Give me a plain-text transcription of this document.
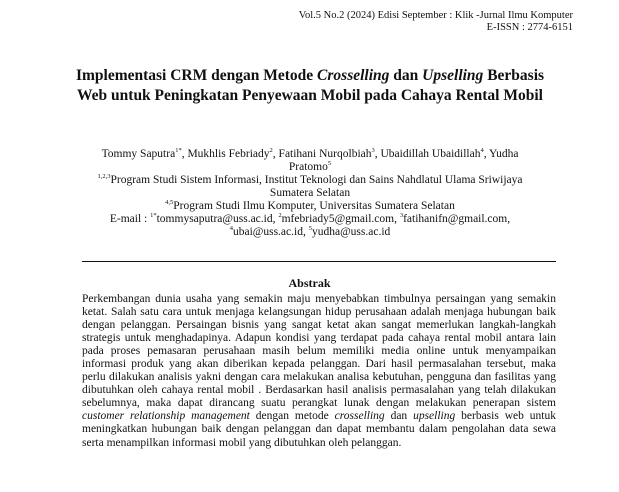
Vol.5 No.2 (2024) Edisi September : Klik -Jurnal Ilmu Komputer
E-ISSN : 2774-6151
Implementasi CRM dengan Metode Crosselling dan Upselling Berbasis Web untuk Peningkatan Penyewaan Mobil pada Cahaya Rental Mobil
Tommy Saputra$^{1*}$, Mukhlis Febriady$^2$, Fatihani Nurqolbiah$^3$, Ubaidillah Ubaidillah$^4$, Yudha Pratomo$^5$
$^{1,2,3}$Program Studi Sistem Informasi, Institut Teknologi dan Sains Nahdlatul Ulama Sriwijaya Sumatera Selatan
$^{4,5}$Program Studi Ilmu Komputer, Universitas Sumatera Selatan
E-mail : $^{1*}$tommysaputra@uss.ac.id, $^2$mfebriady5@gmail.com, $^3$fatihanifn@gmail.com, $^4$ubai@uss.ac.id, $^5$yudha@uss.ac.id
Abstrak

Perkembangan dunia usaha yang semakin maju menyebabkan timbulnya persaingan yang semakin ketat. Salah satu cara untuk menjaga kelangsungan hidup perusahaan adalah menjaga hubungan baik dengan pelanggan. Persaingan bisnis yang sangat ketat akan sangat memerlukan langkah-langkah strategis untuk menghadapinya. Adapun kondisi yang terdapat pada cahaya rental mobil antara lain pada proses pemasaran perusahaan masih belum memiliki media online untuk menyampaikan informasi produk yang akan diberikan kepada pelanggan. Dari hasil permasalahan tersebut, maka perlu dilakukan analisis yakni dengan cara melakukan analisa kebutuhan, pengguna dan fasilitas yang dibutuhkan oleh cahaya rental mobil . Berdasarkan hasil analisis permasalahan yang telah dilakukan sebelumnya, maka dapat dirancang suatu perangkat lunak dengan melakukan penerapan sistem customer relationship management dengan metode crosselling dan upselling berbasis web untuk meningkatkan hubungan baik dengan pelanggan dan dapat membantu dalam pengolahan data sewa serta menampilkan informasi mobil yang dibutuhkan oleh pelanggan.
